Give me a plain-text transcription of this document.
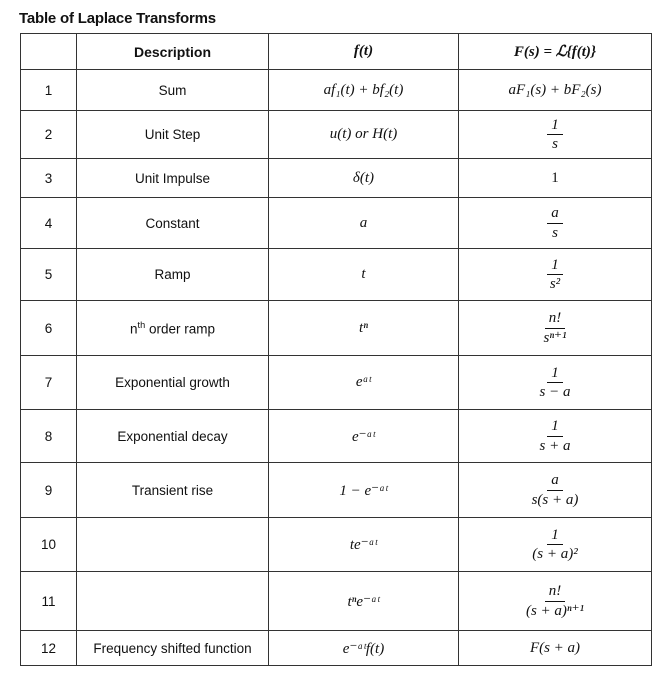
Table of Laplace Transforms
	Description	f(t)	F(s) = ℒ{f(t)}
1	Sum	af₁(t) + bf₂(t)	aF₁(s) + bF₂(s)
2	Unit Step	u(t) or H(t)	$\frac{1}{s}$

3	Unit Impulse	δ(t)	1
4	Constant	a	$\frac{a}{s}$

5	Ramp	t	$\frac{1}{\text{s²}}$

6	$n^{th}$ order ramp	tⁿ	$\frac{n!}{\text{sⁿ⁺¹}}$

7	Exponential growth	eᵃᵗ	$\frac{1}{s - a}$

8	Exponential decay	e⁻ᵃᵗ	$\frac{1}{s + a}$

9	Transient rise	1 − e⁻ᵃᵗ	$\frac{a}{s(s + a)}$

10		te⁻ᵃᵗ	$\frac{1}{\text{(s + a)²}}$

11		tⁿe⁻ᵃᵗ	$\frac{n!}{\text{(s + a)ⁿ⁺¹}}$

12	Frequency shifted function	e⁻ᵃᵗf(t)	F(s + a)
